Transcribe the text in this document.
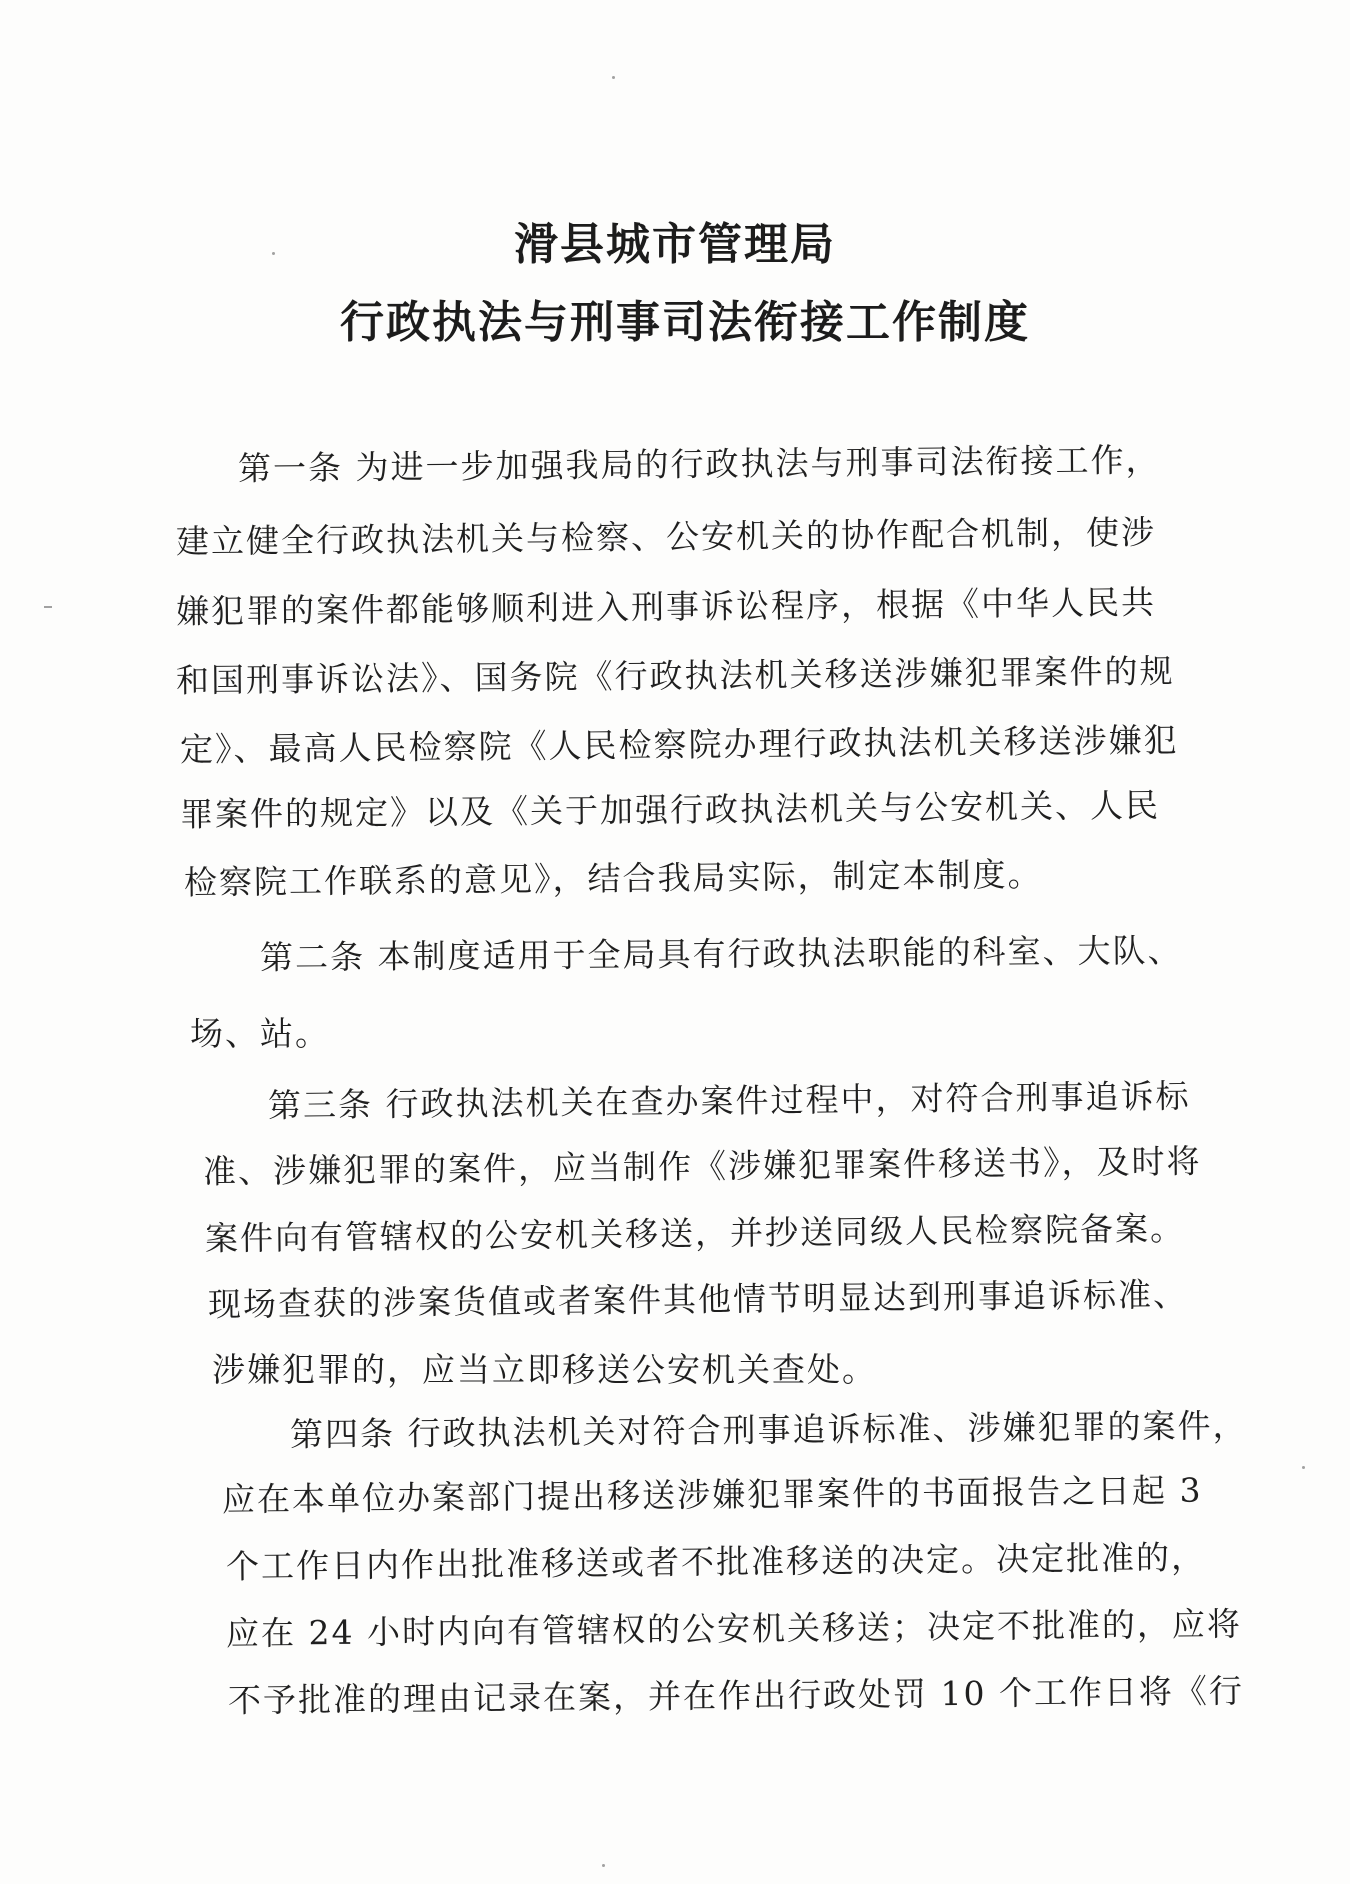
滑县城市管理局
行政执法与刑事司法衔接工作制度
第一条 为进一步加强我局的行政执法与刑事司法衔接工作，
建立健全行政执法机关与检察、公安机关的协作配合机制，使涉
嫌犯罪的案件都能够顺利进入刑事诉讼程序，根据《中华人民共
和国刑事诉讼法》、国务院《行政执法机关移送涉嫌犯罪案件的规
定》、最高人民检察院《人民检察院办理行政执法机关移送涉嫌犯
罪案件的规定》以及《关于加强行政执法机关与公安机关、人民
检察院工作联系的意见》，结合我局实际，制定本制度。
第二条 本制度适用于全局具有行政执法职能的科室、大队、
场、站。
第三条 行政执法机关在查办案件过程中，对符合刑事追诉标
准、涉嫌犯罪的案件，应当制作《涉嫌犯罪案件移送书》，及时将
案件向有管辖权的公安机关移送，并抄送同级人民检察院备案。
现场查获的涉案货值或者案件其他情节明显达到刑事追诉标准、
涉嫌犯罪的，应当立即移送公安机关查处。
第四条 行政执法机关对符合刑事追诉标准、涉嫌犯罪的案件，
应在本单位办案部门提出移送涉嫌犯罪案件的书面报告之日起 3
个工作日内作出批准移送或者不批准移送的决定。决定批准的，
应在 24 小时内向有管辖权的公安机关移送；决定不批准的，应将
不予批准的理由记录在案，并在作出行政处罚 10 个工作日将《行
